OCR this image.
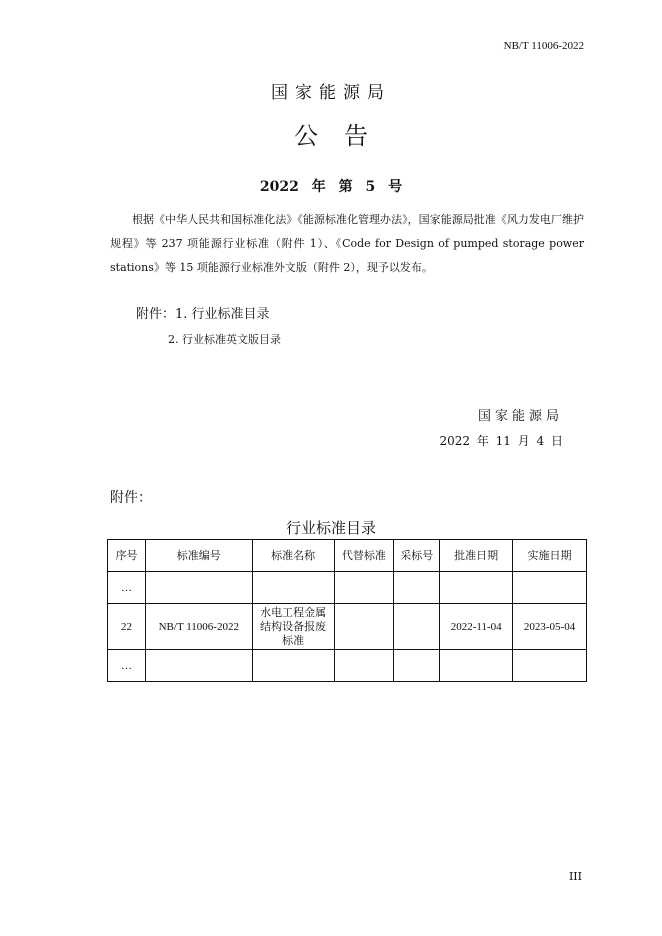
NB/T 11006-2022
国家能源局
公告
2022 年 第 5 号
根据《中华人民共和国标准化法》《能源标准化管理办法》，国家能源局批准《风力发电厂维护规程》等 237 项能源行业标准（附件 1）、《Code for Design of pumped storage power stations》等 15 项能源行业标准外文版（附件 2），现予以发布。
附件：1. 行业标准目录
2. 行业标准英文版目录
国家能源局
2022 年 11 月 4 日
附件：
行业标准目录
序号	标准编号	标准名称	代替标准	采标号	批准日期	实施日期
…						
22	NB/T 11006-2022	水电工程金属结构设备报废标准			2022-11-04	2023-05-04
…						
III
